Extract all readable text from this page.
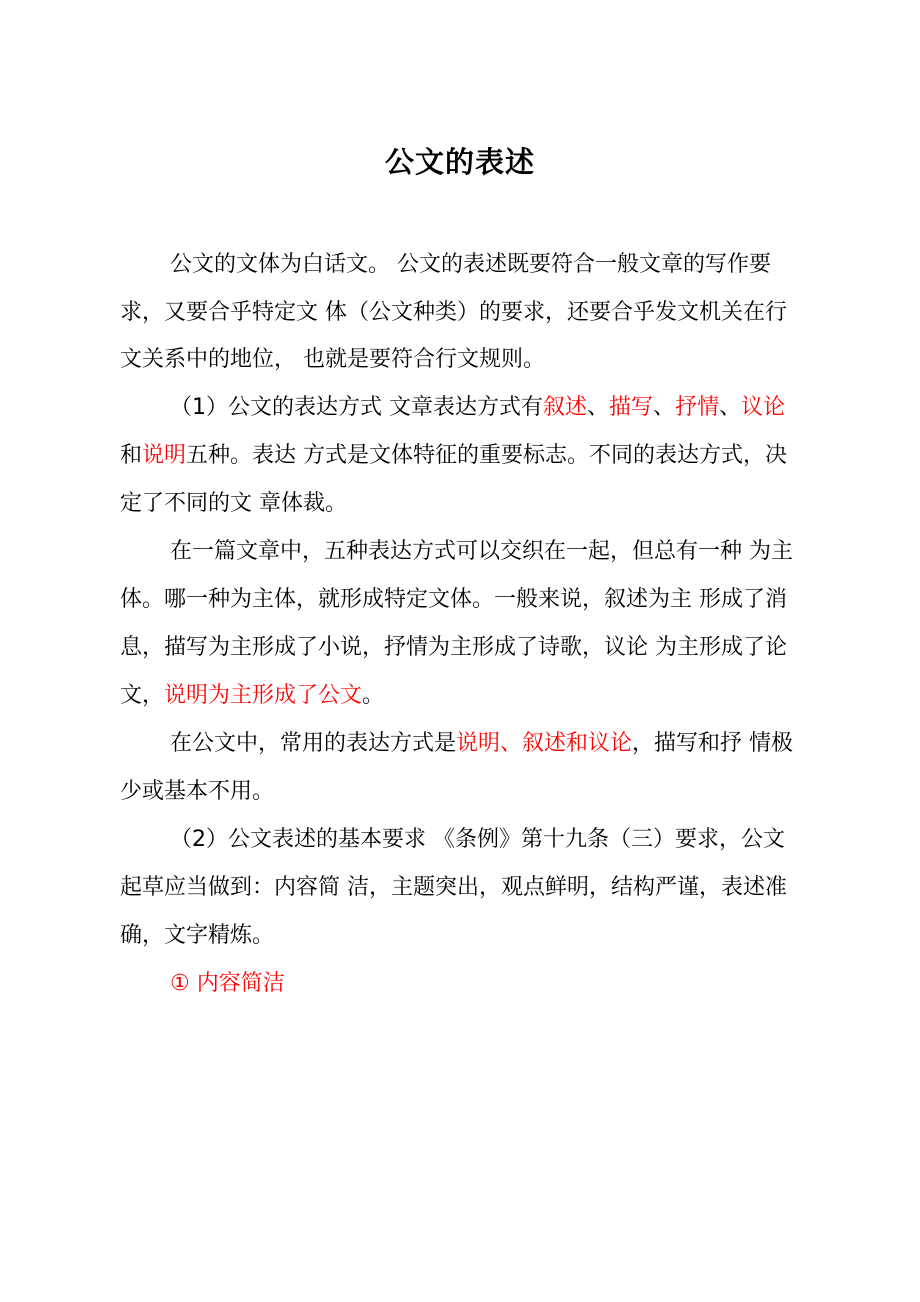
公文的表述
公文的文体为白话文。 公文的表述既要符合一般文章的写作要
求，又要合乎特定文 体（公文种类）的要求，还要合乎发文机关在行
文关系中的地位， 也就是要符合行文规则。
（1）公文的表达方式 文章表达方式有叙述、描写、抒情、议论
和说明五种。表达 方式是文体特征的重要标志。不同的表达方式，决
定了不同的文 章体裁。
在一篇文章中，五种表达方式可以交织在一起，但总有一种 为主
体。哪一种为主体，就形成特定文体。一般来说，叙述为主 形成了消
息，描写为主形成了小说，抒情为主形成了诗歌，议论 为主形成了论
文，说明为主形成了公文。
在公文中，常用的表达方式是说明、叙述和议论，描写和抒 情极
少或基本不用。
（2）公文表述的基本要求 《条例》第十九条（三）要求，公文
起草应当做到：内容简 洁，主题突出，观点鲜明，结构严谨，表述准
确，文字精炼。
① 内容简洁
